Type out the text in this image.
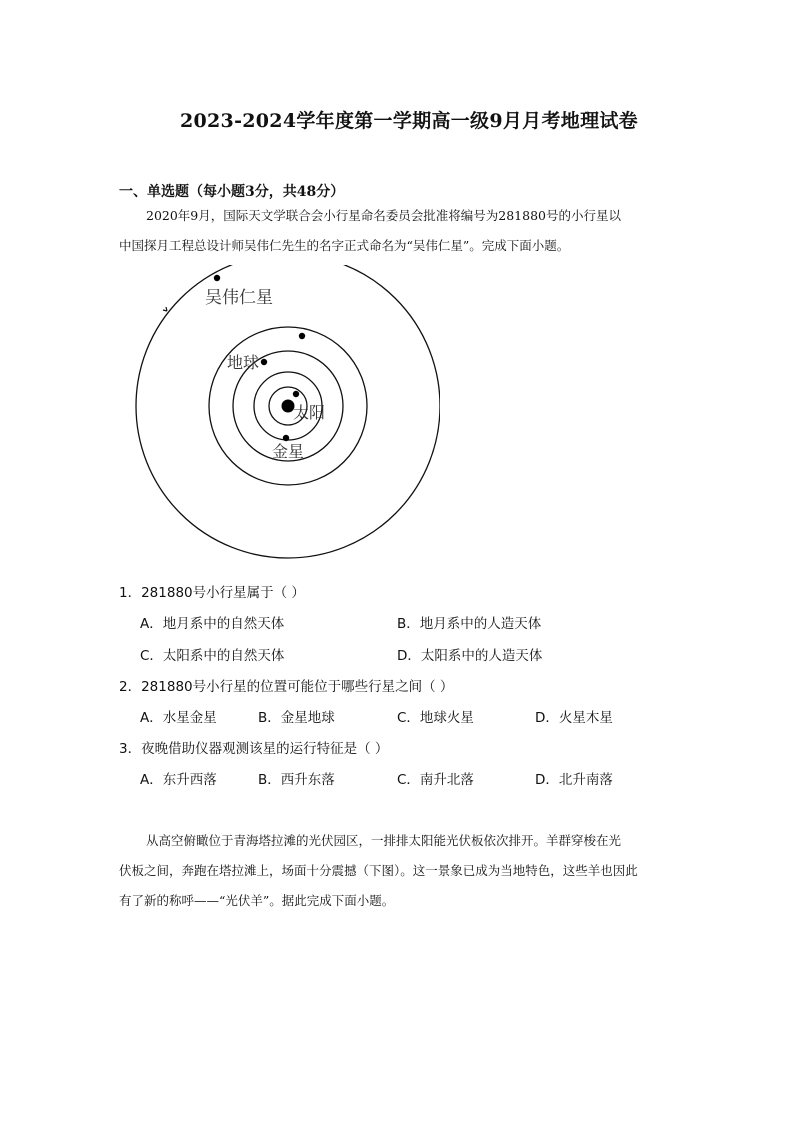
2023-2024学年度第一学期高一级9月月考地理试卷
一、单选题（每小题3分，共48分）
2020年9月，国际天文学联合会小行星命名委员会批准将编号为281880号的小行星以
中国探月工程总设计师吴伟仁先生的名字正式命名为“吴伟仁星”。完成下面小题。
吴伟仁星
地球
太阳
金星
1．281880号小行星属于（ ）
A．地月系中的自然天体	B．地月系中的人造天体
C．太阳系中的自然天体	D．太阳系中的人造天体
2．281880号小行星的位置可能位于哪些行星之间（ ）
A．水星金星	B．金星地球	C．地球火星	D．火星木星
3．夜晚借助仪器观测该星的运行特征是（ ）
A．东升西落	B．西升东落	C．南升北落	D．北升南落
从高空俯瞰位于青海塔拉滩的光伏园区，一排排太阳能光伏板依次排开。羊群穿梭在光
伏板之间，奔跑在塔拉滩上，场面十分震撼（下图）。这一景象已成为当地特色，这些羊也因此
有了新的称呼——“光伏羊”。据此完成下面小题。
